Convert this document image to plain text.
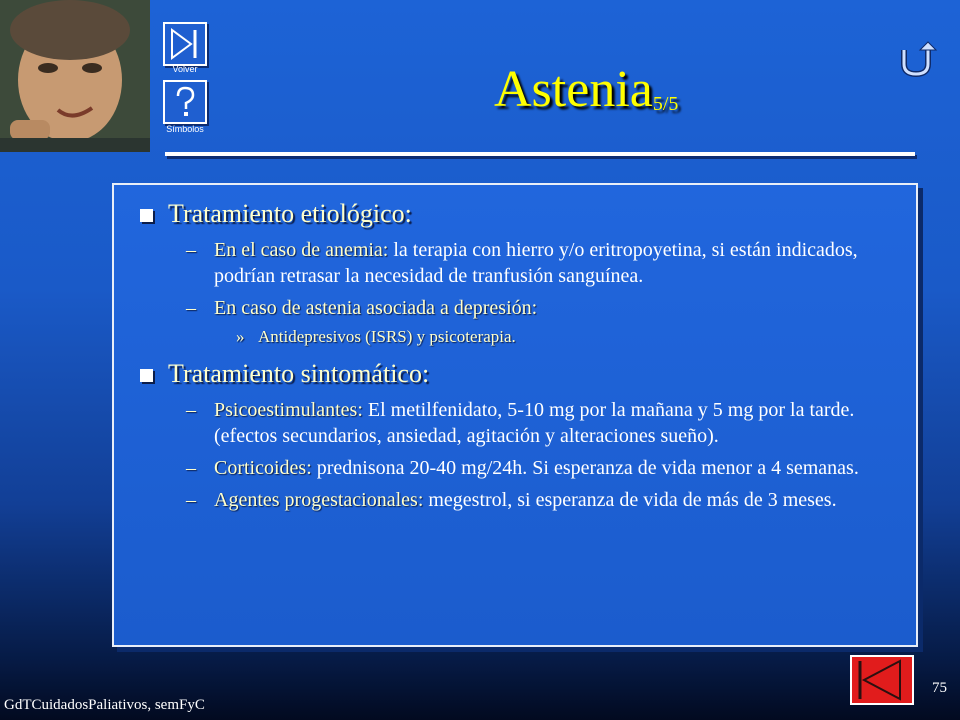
Volver
Símbolos
Astenia$_{5/5}$
Tratamiento etiológico:
– En el caso de anemia: la terapia con hierro y/o eritropoyetina, si están indicados, podrían retrasar la necesidad de tranfusión sanguínea.
– En caso de astenia asociada a depresión:
» Antidepresivos (ISRS) y psicoterapia.
Tratamiento sintomático:
– Psicoestimulantes: El metilfenidato, 5-10 mg por la mañana y 5 mg por la tarde. (efectos secundarios, ansiedad, agitación y alteraciones sueño).
– Corticoides: prednisona 20-40 mg/24h. Si esperanza de vida menor a 4 semanas.
– Agentes progestacionales: megestrol, si esperanza de vida de más de 3 meses.
GdTCuidadosPaliativos, semFyC
75
